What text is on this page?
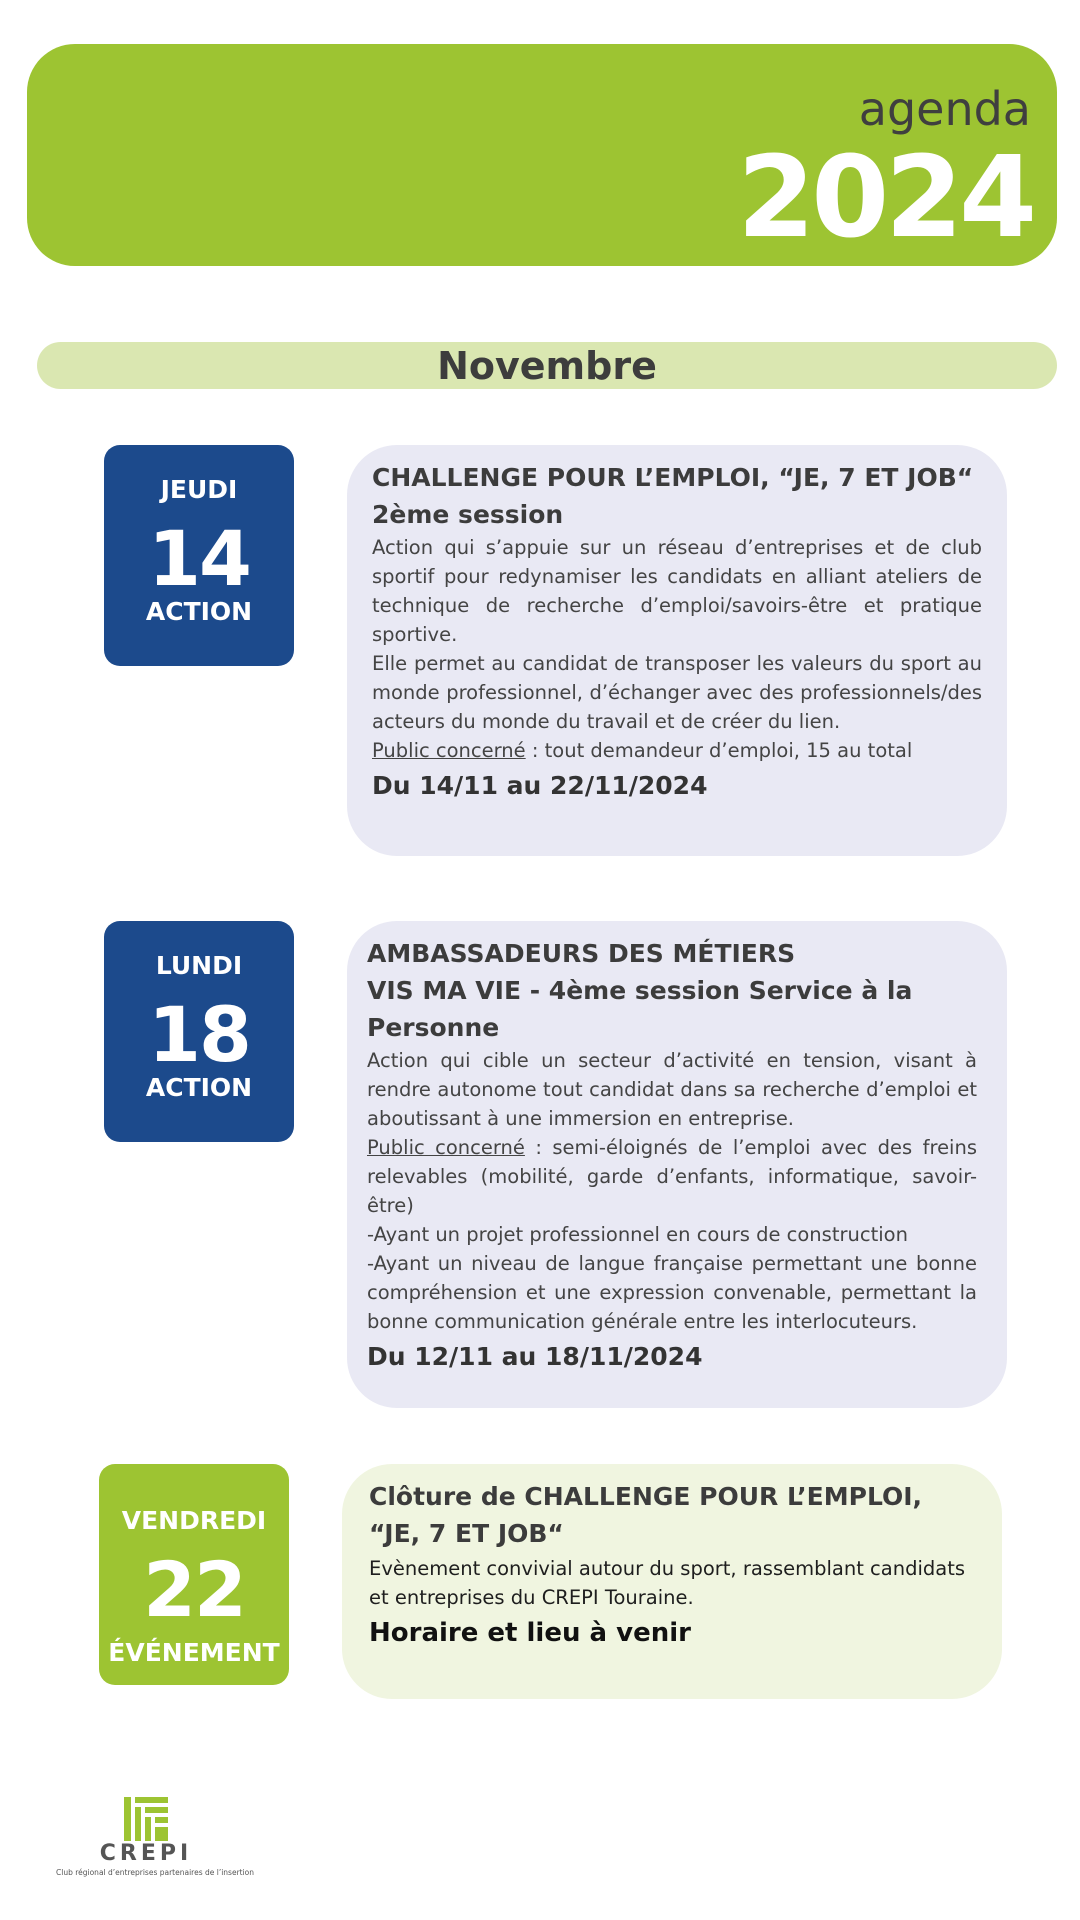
agenda
2024
Novembre
JEUDI
14
ACTION
CHALLENGE POUR L’EMPLOI, “JE, 7 ET JOB“
2ème session

Action qui s’appuie sur un réseau d’entreprises et de club sportif pour redynamiser les candidats en alliant ateliers de technique de recherche d’emploi/savoirs-être et pratique sportive.

Elle permet au candidat de transposer les valeurs du sport au monde professionnel, d’échanger avec des professionnels/des acteurs du monde du travail et de créer du lien.

Public concerné : tout demandeur d’emploi, 15 au total

Du 14/11 au 22/11/2024
LUNDI
18
ACTION
AMBASSADEURS DES MÉTIERS
VIS MA VIE - 4ème session Service à la Personne

Action qui cible un secteur d’activité en tension, visant à rendre autonome tout candidat dans sa recherche d’emploi et aboutissant à une immersion en entreprise.

Public concerné : semi-éloignés de l’emploi avec des freins relevables (mobilité, garde d’enfants, informatique, savoir-être)

-Ayant un projet professionnel en cours de construction

-Ayant un niveau de langue française permettant une bonne compréhension et une expression convenable, permettant la bonne communication générale entre les interlocuteurs.

Du 12/11 au 18/11/2024
VENDREDI
22
ÉVÉNEMENT
Clôture de CHALLENGE POUR L’EMPLOI, “JE, 7 ET JOB“

Evènement convivial autour du sport, rassemblant candidats et entreprises du CREPI Touraine.

Horaire et lieu à venir
CREPI
Club régional d’entreprises partenaires de l’insertion
